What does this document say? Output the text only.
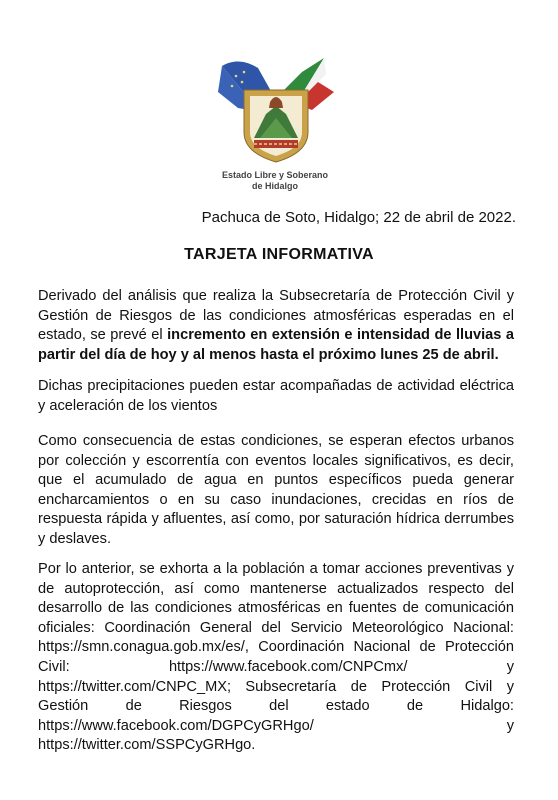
Estado Libre y Soberano
de Hidalgo
Pachuca de Soto, Hidalgo; 22 de abril de 2022.
TARJETA INFORMATIVA

Derivado del análisis que realiza la Subsecretaría de Protección Civil y Gestión de Riesgos de las condiciones atmosféricas esperadas en el estado, se prevé el incremento en extensión e intensidad de lluvias a partir del día de hoy y al menos hasta el próximo lunes 25 de abril.

Dichas precipitaciones pueden estar acompañadas de actividad eléctrica y aceleración de los vientos

Como consecuencia de estas condiciones, se esperan efectos urbanos por colección y escorrentía con eventos locales significativos, es decir, que el acumulado de agua en puntos específicos pueda generar encharcamientos o en su caso inundaciones, crecidas en ríos de respuesta rápida y afluentes, así como, por saturación hídrica derrumbes y deslaves.

Por lo anterior, se exhorta a la población a tomar acciones preventivas y de autoprotección, así como mantenerse actualizados respecto del desarrollo de las condiciones atmosféricas en fuentes de comunicación oficiales: Coordinación General del Servicio Meteorológico Nacional: https://smn.conagua.gob.mx/es/, Coordinación Nacional de Protección Civil: https://www.facebook.com/CNPCmx/ y https://twitter.com/CNPC_MX; Subsecretaría de Protección Civil y Gestión de Riesgos del estado de Hidalgo: https://www.facebook.com/DGPCyGRHgo/ y https://twitter.com/SSPCyGRHgo.
